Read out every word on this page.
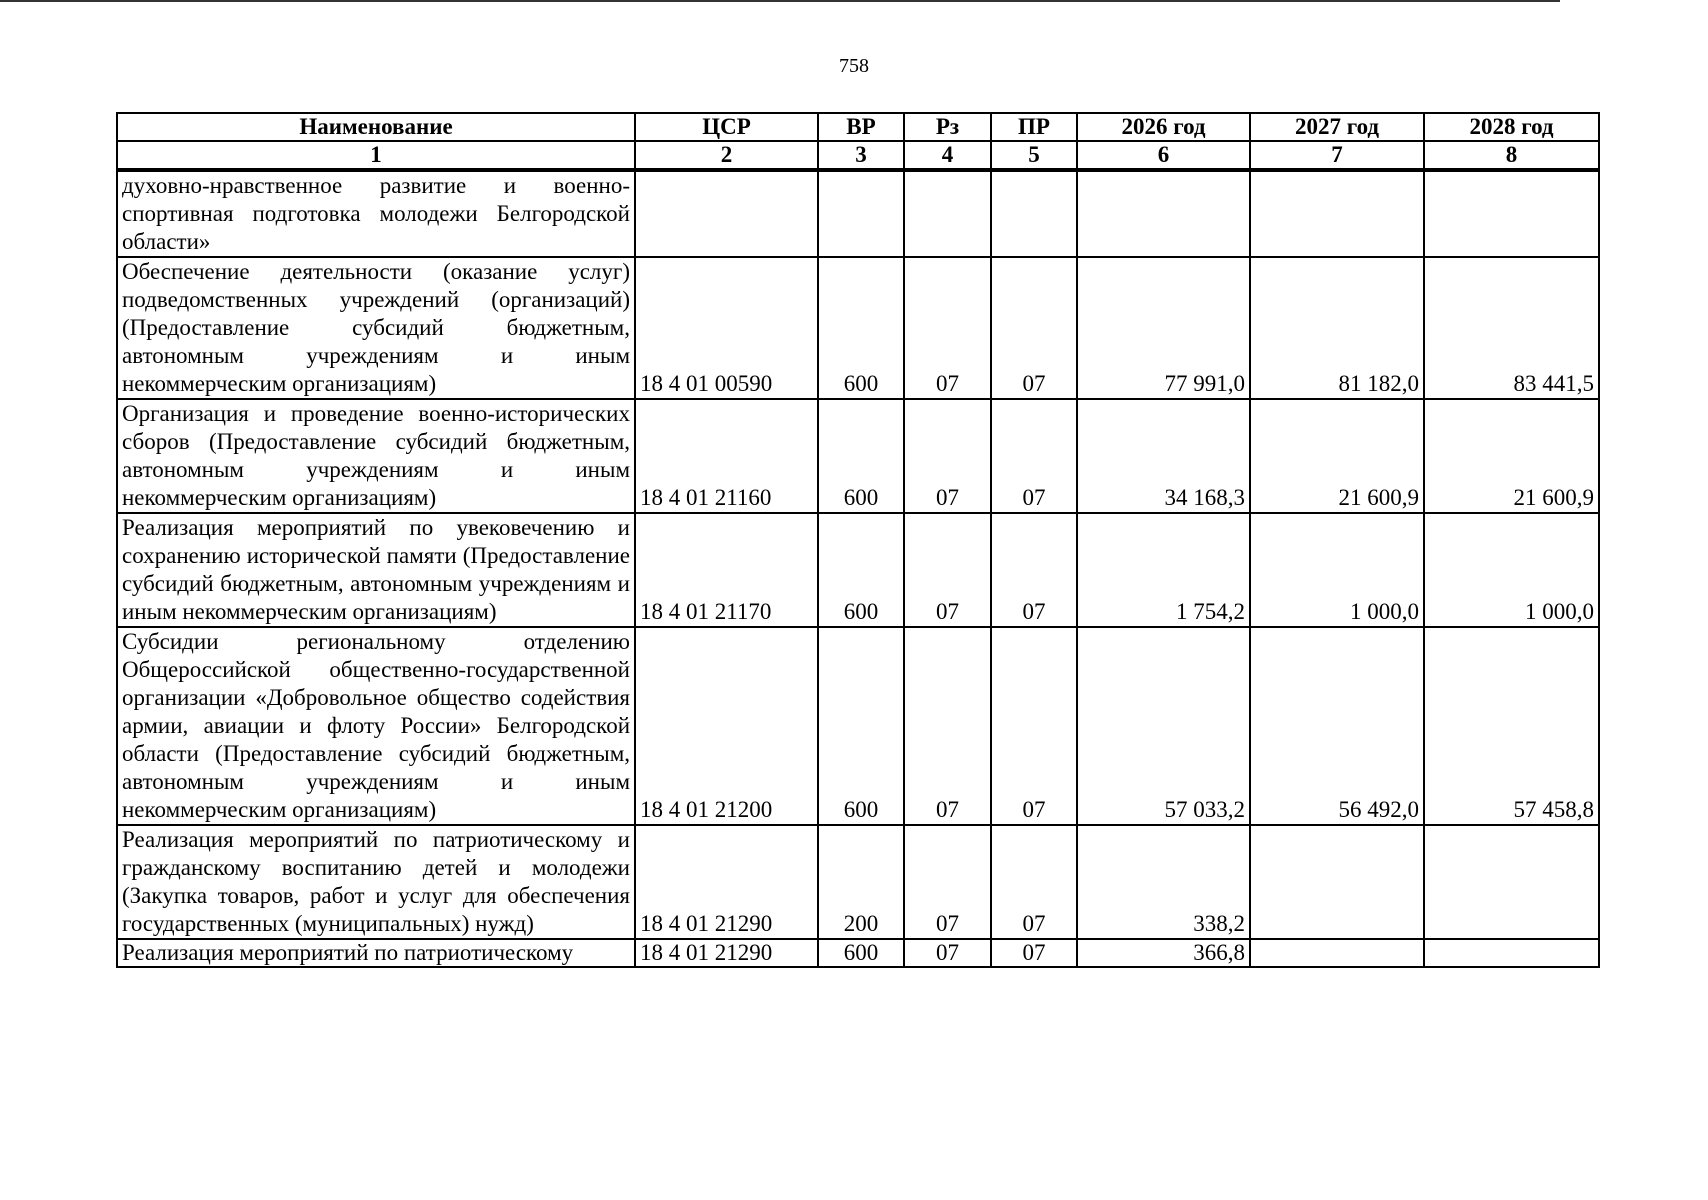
758
Наименование	ЦСР	ВР	Рз	ПР	2026 год	2027 год	2028 год
1	2	3	4	5	6	7	8
духовно-нравственное развитие и военно-спортивная подготовка молодежи Белгородской области»							
Обеспечение деятельности (оказание услуг) подведомственных учреждений (организаций) (Предоставление субсидий бюджетным, автономным учреждениям и иным некоммерческим организациям)	18 4 01 00590	600	07	07	77 991,0	81 182,0	83 441,5
Организация и проведение военно-исторических сборов (Предоставление субсидий бюджетным, автономным учреждениям и иным некоммерческим организациям)	18 4 01 21160	600	07	07	34 168,3	21 600,9	21 600,9
Реализация мероприятий по увековечению и сохранению исторической памяти (Предоставление субсидий бюджетным, автономным учреждениям и иным некоммерческим организациям)	18 4 01 21170	600	07	07	1 754,2	1 000,0	1 000,0
Субсидии региональному отделению Общероссийской общественно-государственной организации «Добровольное общество содействия армии, авиации и флоту России» Белгородской области (Предоставление субсидий бюджетным, автономным учреждениям и иным некоммерческим организациям)	18 4 01 21200	600	07	07	57 033,2	56 492,0	57 458,8
Реализация мероприятий по патриотическому и гражданскому воспитанию детей и молодежи (Закупка товаров, работ и услуг для обеспечения государственных (муниципальных) нужд)	18 4 01 21290	200	07	07	338,2		
Реализация мероприятий по патриотическому	18 4 01 21290	600	07	07	366,8		
